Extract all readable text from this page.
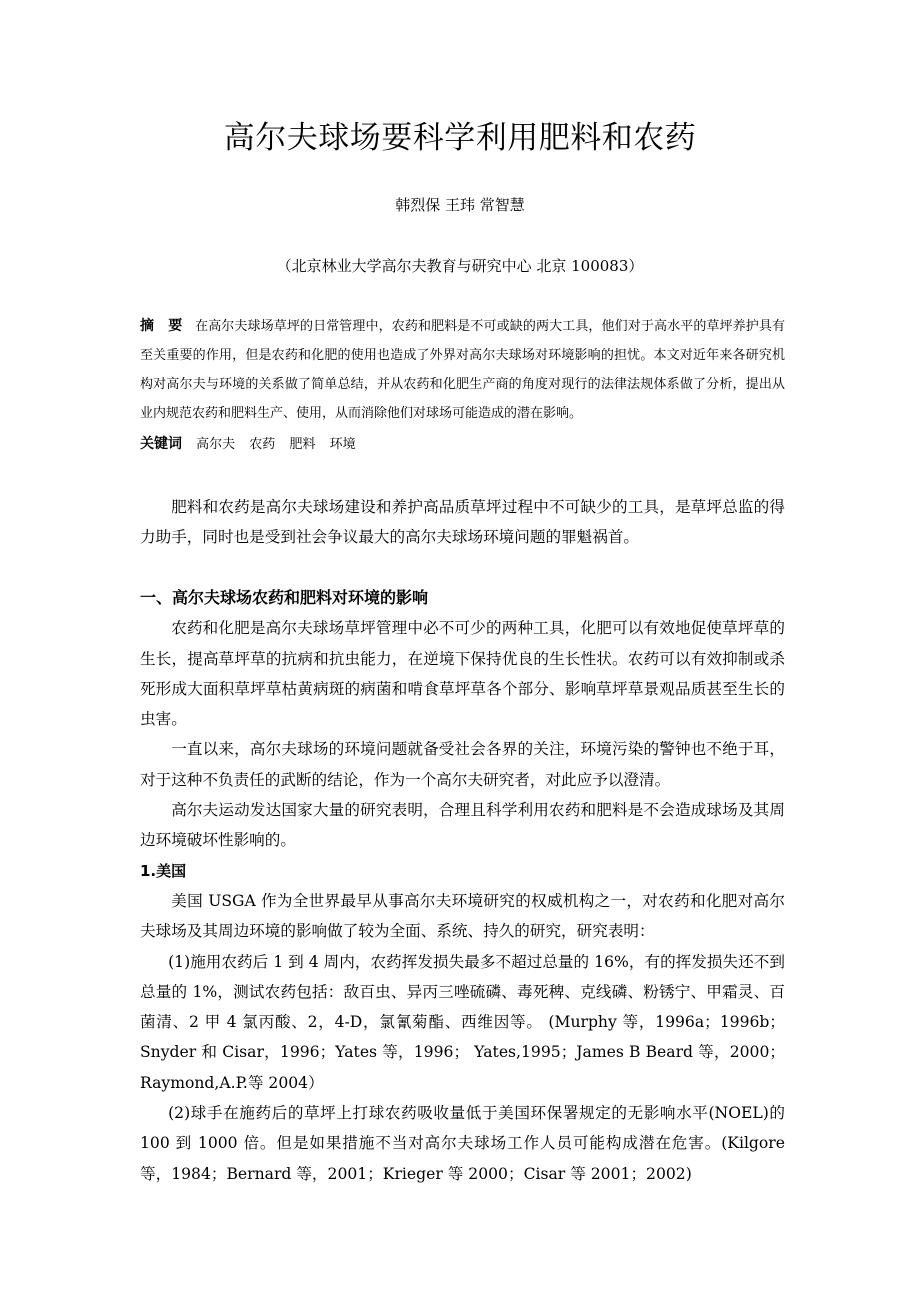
高尔夫球场要科学利用肥料和农药
韩烈保 王玮 常智慧
（北京林业大学高尔夫教育与研究中心 北京 100083）
摘　要 在高尔夫球场草坪的日常管理中，农药和肥料是不可或缺的两大工具，他们对于高水平的草坪养护具有至关重要的作用，但是农药和化肥的使用也造成了外界对高尔夫球场对环境影响的担忧。本文对近年来各研究机构对高尔夫与环境的关系做了简单总结，并从农药和化肥生产商的角度对现行的法律法规体系做了分析，提出从业内规范农药和肥料生产、使用，从而消除他们对球场可能造成的潜在影响。
关键词 高尔夫 农药 肥料 环境

肥料和农药是高尔夫球场建设和养护高品质草坪过程中不可缺少的工具，是草坪总监的得力助手，同时也是受到社会争议最大的高尔夫球场环境问题的罪魁祸首。

一、高尔夫球场农药和肥料对环境的影响

农药和化肥是高尔夫球场草坪管理中必不可少的两种工具，化肥可以有效地促使草坪草的生长，提高草坪草的抗病和抗虫能力，在逆境下保持优良的生长性状。农药可以有效抑制或杀死形成大面积草坪草枯黄病斑的病菌和啃食草坪草各个部分、影响草坪草景观品质甚至生长的虫害。

一直以来，高尔夫球场的环境问题就备受社会各界的关注，环境污染的警钟也不绝于耳，对于这种不负责任的武断的结论，作为一个高尔夫研究者，对此应予以澄清。

高尔夫运动发达国家大量的研究表明，合理且科学利用农药和肥料是不会造成球场及其周边环境破坏性影响的。

1.美国

美国 USGA 作为全世界最早从事高尔夫环境研究的权威机构之一，对农药和化肥对高尔夫球场及其周边环境的影响做了较为全面、系统、持久的研究，研究表明：

(1)施用农药后 1 到 4 周内，农药挥发损失最多不超过总量的 16%，有的挥发损失还不到总量的 1%，测试农药包括：敌百虫、异丙三唑硫磷、毒死稗、克线磷、粉锈宁、甲霜灵、百菌清、2 甲 4 氯丙酸、2，4-D，氯氰菊酯、西维因等。 (Murphy 等，1996a；1996b；Snyder 和 Cisar，1996；Yates 等，1996； Yates,1995；James B Beard 等，2000；Raymond,A.P.等 2004）

(2)球手在施药后的草坪上打球农药吸收量低于美国环保署规定的无影响水平(NOEL)的 100 到 1000 倍。但是如果措施不当对高尔夫球场工作人员可能构成潜在危害。(Kilgore 等，1984；Bernard 等，2001；Krieger 等 2000；Cisar 等 2001；2002)
